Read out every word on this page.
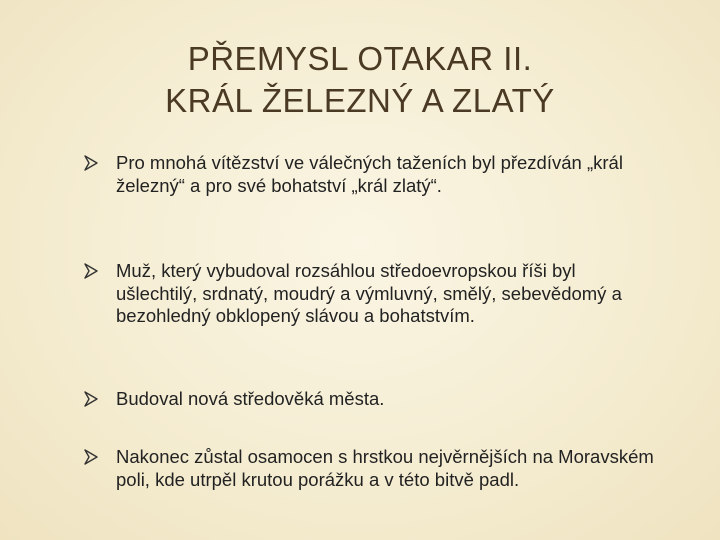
PŘEMYSL OTAKAR II.
KRÁL ŽELEZNÝ A ZLATÝ
Pro mnohá vítězství ve válečných taženích byl přezdíván „král železný“ a pro své bohatství „král zlatý“.
Muž, který vybudoval rozsáhlou středoevropskou říši byl ušlechtilý, srdnatý, moudrý a výmluvný, smělý, sebevědomý a bezohledný obklopený slávou a bohatstvím.
Budoval nová středověká města.
Nakonec zůstal osamocen s hrstkou nejvěrnějších na Moravském poli, kde utrpěl krutou porážku a v této bitvě padl.
